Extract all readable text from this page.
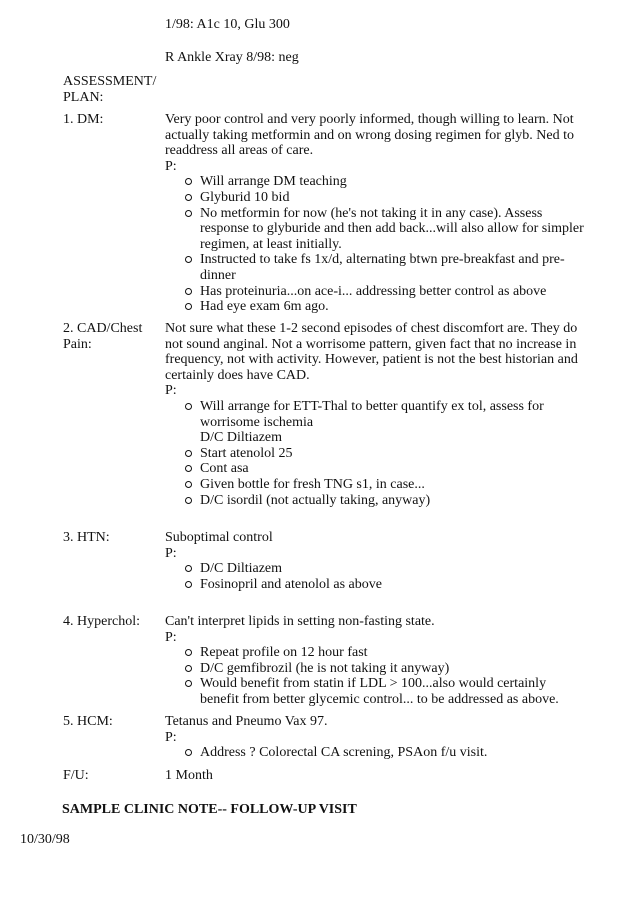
1/98: A1c 10, Glu 300
R Ankle Xray 8/98: neg
ASSESSMENT/
PLAN:
1. DM:	Very poor control and very poorly informed, though willing to learn. Not actually taking metformin and on wrong dosing regimen for glyb. Ned to readdress all areas of care.

P:

Will arrange DM teaching
Glyburid 10 bid
No metformin for now (he's not taking it in any case). Assess response to glyburide and then add back...will also allow for simpler regimen, at least initially.
Instructed to take fs 1x/d, alternating btwn pre-breakfast and pre-dinner
Has proteinuria...on ace-i... addressing better control as above
Had eye exam 6m ago.
2. CAD/Chest Pain:

Not sure what these 1-2 second episodes of chest discomfort are. They do not sound anginal. Not a worrisome pattern, given fact that no increase in frequency, not with activity. However, patient is not the best historian and certainly does have CAD.

P:

Will arrange for ETT-Thal to better quantify ex tol, assess for worrisome ischemia
D/C Diltiazem
Start atenolol 25
Cont asa
Given bottle for fresh TNG s1, in case...
D/C isordil (not actually taking, anyway)
3. HTN:	Suboptimal control

P:

D/C Diltiazem
Fosinopril and atenolol as above
4. Hyperchol:	Can't interpret lipids in setting non-fasting state.

P:

Repeat profile on 12 hour fast
D/C gemfibrozil (he is not taking it anyway)
Would benefit from statin if LDL > 100...also would certainly benefit from better glycemic control... to be addressed as above.
5. HCM:	Tetanus and Pneumo Vax 97.

P:

Address ? Colorectal CA screning, PSAon f/u visit.
F/U:	1 Month
SAMPLE CLINIC NOTE-- FOLLOW-UP VISIT
10/30/98
